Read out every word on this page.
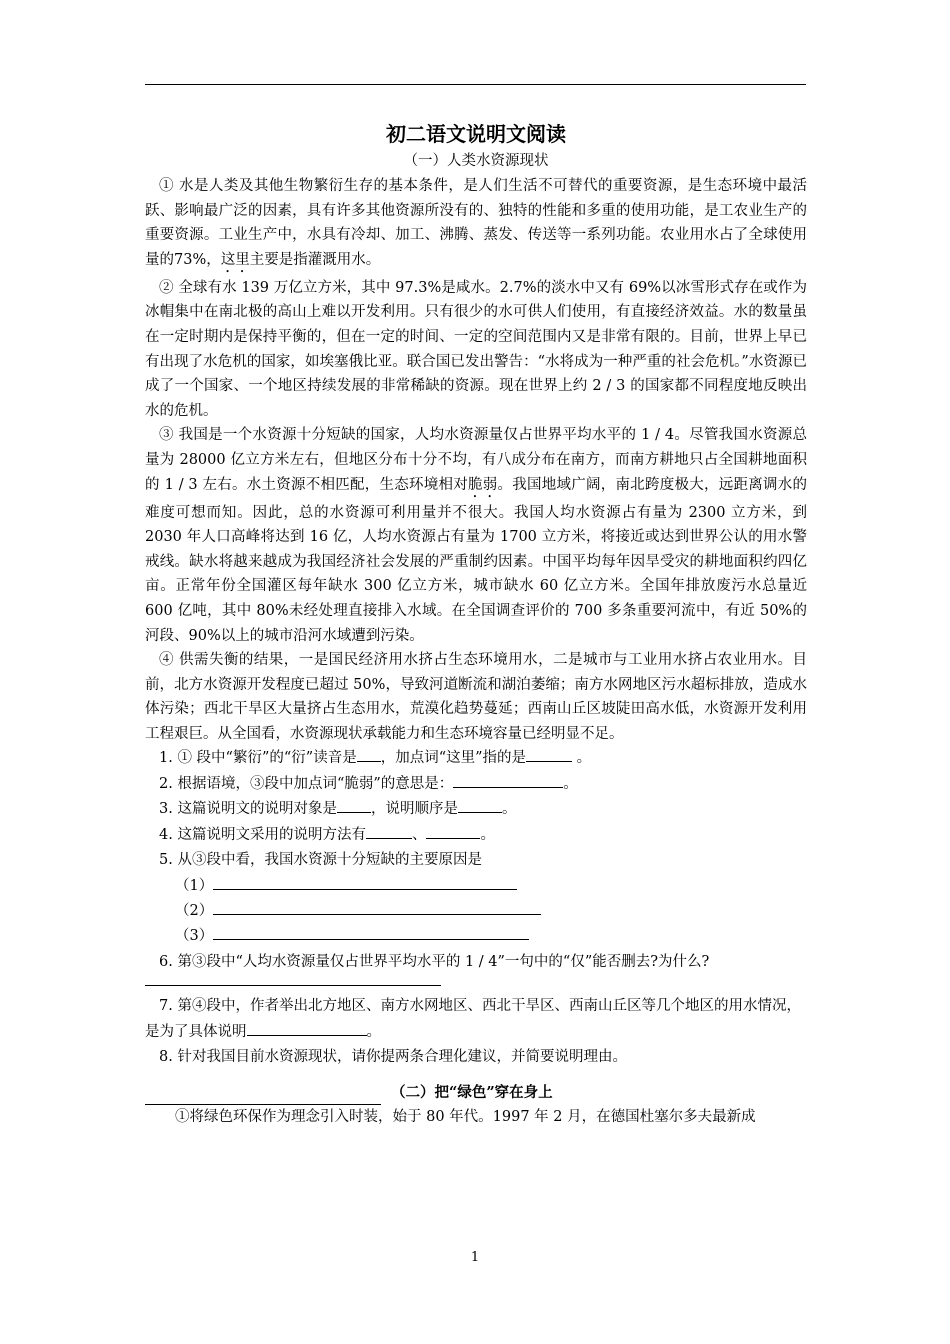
初二语文说明文阅读
（一）人类水资源现状

① 水是人类及其他生物繁衍生存的基本条件，是人们生活不可替代的重要资源，是生态环境中最活跃、影响最广泛的因素，具有许多其他资源所没有的、独特的性能和多重的使用功能，是工农业生产的重要资源。工业生产中，水具有冷却、加工、沸腾、蒸发、传送等一系列功能。农业用水占了全球使用量的73%，这里主要是指灌溉用水。

② 全球有水 139 万亿立方米，其中 97.3%是咸水。2.7%的淡水中又有 69%以冰雪形式存在或作为冰帽集中在南北极的高山上难以开发利用。只有很少的水可供人们使用，有直接经济效益。水的数量虽在一定时期内是保持平衡的，但在一定的时间、一定的空间范围内又是非常有限的。目前，世界上早已有出现了水危机的国家，如埃塞俄比亚。联合国已发出警告：“水将成为一种严重的社会危机。”水资源已成了一个国家、一个地区持续发展的非常稀缺的资源。现在世界上约 2 / 3 的国家都不同程度地反映出水的危机。

③ 我国是一个水资源十分短缺的国家，人均水资源量仅占世界平均水平的 1 / 4。尽管我国水资源总量为 28000 亿立方米左右，但地区分布十分不均，有八成分布在南方，而南方耕地只占全国耕地面积的 1 / 3 左右。水土资源不相匹配，生态环境相对脆弱。我国地域广阔，南北跨度极大，远距离调水的难度可想而知。因此，总的水资源可利用量并不很大。我国人均水资源占有量为 2300 立方米，到 2030 年人口高峰将达到 16 亿，人均水资源占有量为 1700 立方米，将接近或达到世界公认的用水警戒线。缺水将越来越成为我国经济社会发展的严重制约因素。中国平均每年因旱受灾的耕地面积约四亿亩。正常年份全国灌区每年缺水 300 亿立方米，城市缺水 60 亿立方米。全国年排放废污水总量近 600 亿吨，其中 80%未经处理直接排入水域。在全国调查评价的 700 多条重要河流中，有近 50%的河段、90%以上的城市沿河水域遭到污染。

④ 供需失衡的结果，一是国民经济用水挤占生态环境用水，二是城市与工业用水挤占农业用水。目前，北方水资源开发程度已超过 50%，导致河道断流和湖泊萎缩；南方水网地区污水超标排放，造成水体污染；西北干旱区大量挤占生态用水，荒漠化趋势蔓延；西南山丘区坡陡田高水低，水资源开发利用工程艰巨。从全国看，水资源现状承载能力和生态环境容量已经明显不足。

1. ① 段中“繁衍”的“衍”读音是 ，加点词“这里”指的是	。

2. 根据语境，③段中加点词“脆弱”的意思是：	。

3. 这篇说明文的说明对象是 ，说明顺序是	。

4. 这篇说明文采用的说明方法有	、	。

5. 从③段中看，我国水资源十分短缺的主要原因是

（1）

（2）

（3）

6. 第③段中“人均水资源量仅占世界平均水平的 1 / 4”一句中的“仅”能否删去?为什么?

7. 第④段中，作者举出北方地区、南方水网地区、西北干旱区、西南山丘区等几个地区的用水情况，是为了具体说明	。

8. 针对我国目前水资源现状，请你提两条合理化建议，并简要说明理由。

（二）把“绿色”穿在身上

①将绿色环保作为理念引入时装，始于 80 年代。1997 年 2 月，在德国杜塞尔多夫最新成

1
